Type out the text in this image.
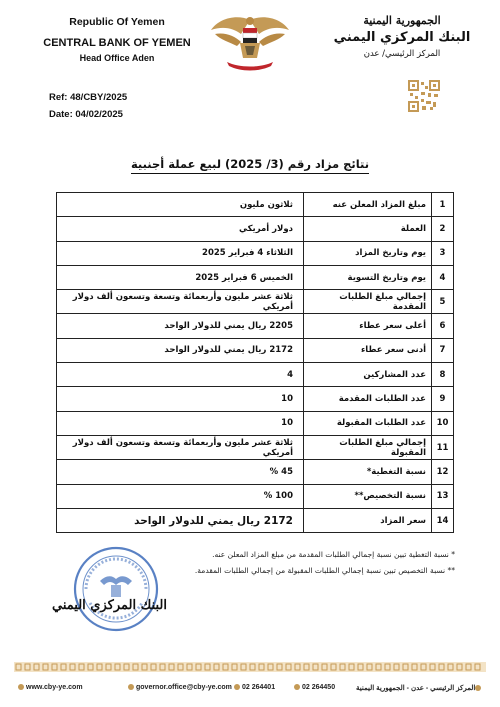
Republic Of Yemen
CENTRAL BANK OF YEMEN
Head Office Aden
Ref: 48/CBY/2025
Date: 04/02/2025
الجمهورية اليمنية
البنك المركزي اليمني
المركز الرئيسي/ عدن
نتائج مزاد رقم (3/ 2025) لبيع عملة أجنبية
1	مبلغ المزاد المعلن عنه	ثلاثون مليون
2	العملة	دولار أمريكي
3	يوم وتاريخ المزاد	الثلاثاء 4 فبراير 2025
4	يوم وتاريخ التسوية	الخميس 6 فبراير 2025
5	إجمالي مبلغ الطلبات المقدمة	ثلاثة عشر مليون وأربعمائة وتسعة وتسعون ألف دولار أمريكي
6	أعلى سعر عطاء	2205 ريال يمني للدولار الواحد
7	أدنى سعر عطاء	2172 ريال يمني للدولار الواحد
8	عدد المشاركين	4
9	عدد الطلبات المقدمة	10
10	عدد الطلبات المقبولة	10
11	إجمالي مبلغ الطلبات المقبولة	ثلاثة عشر مليون وأربعمائة وتسعة وتسعون ألف دولار أمريكي
12	نسبة التغطية*	45 %
13	نسبة التخصيص**	100 %
14	سعر المزاد	2172 ريال يمني للدولار الواحد
* نسبة التغطية تبين نسبة إجمالي الطلبات المقدمة من مبلغ المزاد المعلن عنه.
** نسبة التخصيص تبين نسبة إجمالي الطلبات المقبولة من إجمالي الطلبات المقدمة.
البنك المركزي اليمني
www.cby-ye.com	governor.office@cby-ye.com	02 264401	02 264450	المركز الرئيسي - عدن - الجمهورية اليمنية
